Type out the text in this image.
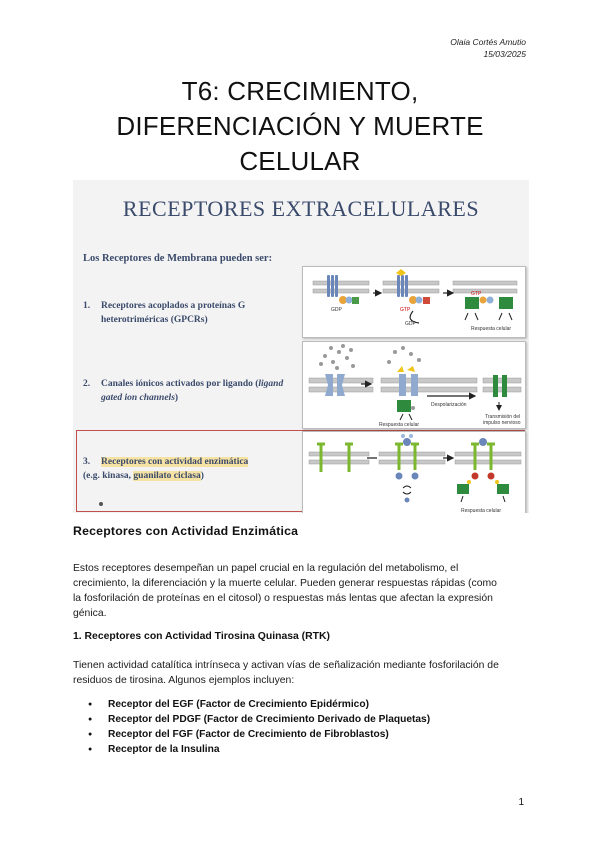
Olaia Cortés Amutio
15/03/2025
T6: CRECIMIENTO,
DIFERENCIACIÓN Y MUERTE
CELULAR
RECEPTORES EXTRACELULARES
Los Receptores de Membrana pueden ser:
1. Receptores acoplados a proteínas G
heterotriméricas (GPCRs)
2. Canales iónicos activados por ligando (ligand
gated ion channels)
3. Receptores con actividad enzimática
(e.g. kinasa, guanilato ciclasa)
GDP	GTP
GTP
GDP
Respuesta celular
Despolarización
Respuesta celular
Transmisión del
impulso nervioso
Respuesta celular
Receptores con Actividad Enzimática
Estos receptores desempeñan un papel crucial en la regulación del metabolismo, el
crecimiento, la diferenciación y la muerte celular. Pueden generar respuestas rápidas (como
la fosforilación de proteínas en el citosol) o respuestas más lentas que afectan la expresión
génica.
1. Receptores con Actividad Tirosina Quinasa (RTK)
Tienen actividad catalítica intrínseca y activan vías de señalización mediante fosforilación de
residuos de tirosina. Algunos ejemplos incluyen:
● Receptor del EGF (Factor de Crecimiento Epidérmico)
● Receptor del PDGF (Factor de Crecimiento Derivado de Plaquetas)
● Receptor del FGF (Factor de Crecimiento de Fibroblastos)
● Receptor de la Insulina
1
